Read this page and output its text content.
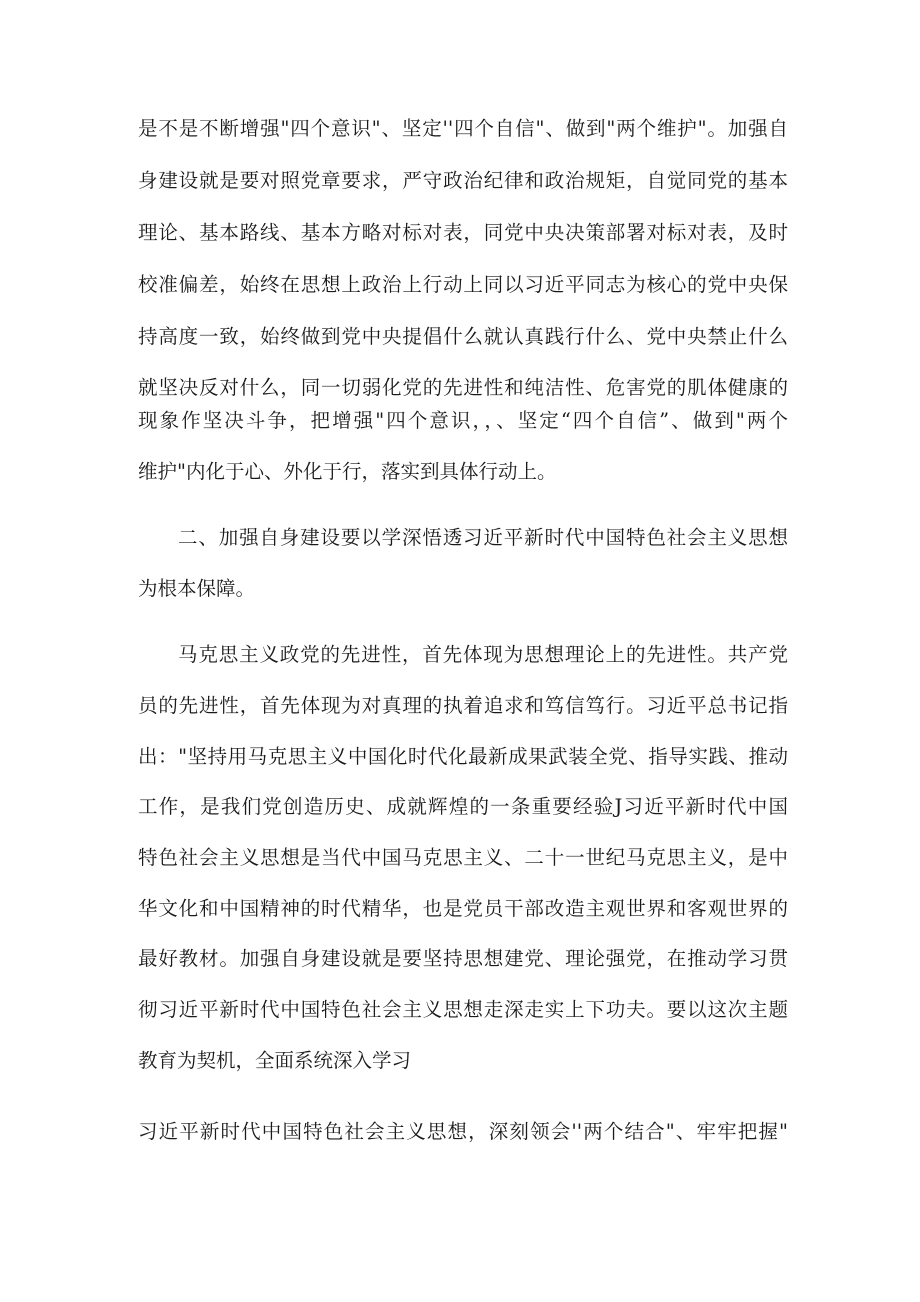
是不是不断增强"四个意识"、坚定''四个自信"、做到"两个维护"。加强自
身建设就是要对照党章要求，严守政治纪律和政治规矩，自觉同党的基本
理论、基本路线、基本方略对标对表，同党中央决策部署对标对表，及时
校准偏差，始终在思想上政治上行动上同以习近平同志为核心的党中央保
持高度一致，始终做到党中央提倡什么就认真践行什么、党中央禁止什么
就坚决反对什么，同一切弱化党的先进性和纯洁性、危害党的肌体健康的
现象作坚决斗争，把增强"四个意识，，、坚定“四个自信”、做到"两个
维护"内化于心、外化于行，落实到具体行动上。
二、加强自身建设要以学深悟透习近平新时代中国特色社会主义思想
为根本保障。
马克思主义政党的先进性，首先体现为思想理论上的先进性。共产党
员的先进性，首先体现为对真理的执着追求和笃信笃行。习近平总书记指
出："坚持用马克思主义中国化时代化最新成果武装全党、指导实践、推动
工作，是我们党创造历史、成就辉煌的一条重要经验J习近平新时代中国
特色社会主义思想是当代中国马克思主义、二十一世纪马克思主义，是中
华文化和中国精神的时代精华，也是党员干部改造主观世界和客观世界的
最好教材。加强自身建设就是要坚持思想建党、理论强党，在推动学习贯
彻习近平新时代中国特色社会主义思想走深走实上下功夫。要以这次主题
教育为契机，全面系统深入学习
习近平新时代中国特色社会主义思想，深刻领会''两个结合"、牢牢把握"
